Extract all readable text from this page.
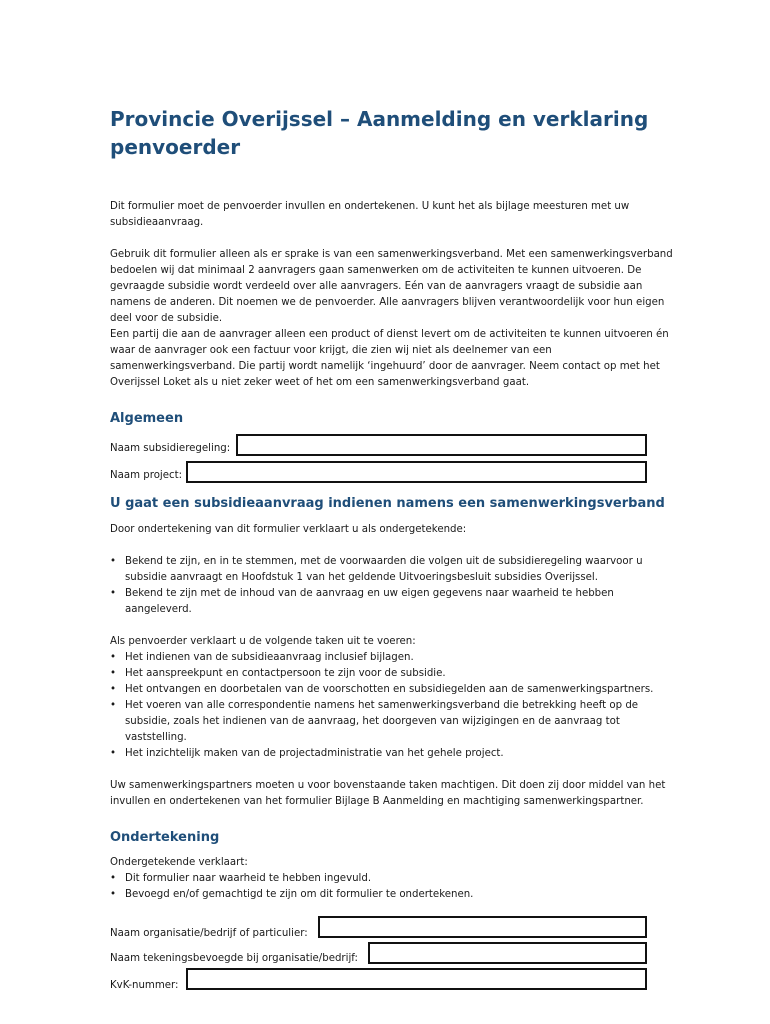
Provincie Overijssel – Aanmelding en verklaring penvoerder

Dit formulier moet de penvoerder invullen en ondertekenen. U kunt het als bijlage meesturen met uw subsidieaanvraag.

Gebruik dit formulier alleen als er sprake is van een samenwerkingsverband. Met een samenwerkingsverband bedoelen wij dat minimaal 2 aanvragers gaan samenwerken om de activiteiten te kunnen uitvoeren. De gevraagde subsidie wordt verdeeld over alle aanvragers. Eén van de aanvragers vraagt de subsidie aan namens de anderen. Dit noemen we de penvoerder. Alle aanvragers blijven verantwoordelijk voor hun eigen deel voor de subsidie.

Een partij die aan de aanvrager alleen een product of dienst levert om de activiteiten te kunnen uitvoeren én waar de aanvrager ook een factuur voor krijgt, die zien wij niet als deelnemer van een samenwerkingsverband. Die partij wordt namelijk ‘ingehuurd’ door de aanvrager. Neem contact op met het Overijssel Loket als u niet zeker weet of het om een samenwerkingsverband gaat.

Algemeen
Naam subsidieregeling:
Naam project:
U gaat een subsidieaanvraag indienen namens een samenwerkingsverband

Door ondertekening van dit formulier verklaart u als ondergetekende:

• Bekend te zijn, en in te stemmen, met de voorwaarden die volgen uit de subsidieregeling waarvoor u subsidie aanvraagt en Hoofdstuk 1 van het geldende Uitvoeringsbesluit subsidies Overijssel.
• Bekend te zijn met de inhoud van de aanvraag en uw eigen gegevens naar waarheid te hebben aangeleverd.

Als penvoerder verklaart u de volgende taken uit te voeren:

• Het indienen van de subsidieaanvraag inclusief bijlagen.
• Het aanspreekpunt en contactpersoon te zijn voor de subsidie.
• Het ontvangen en doorbetalen van de voorschotten en subsidiegelden aan de samenwerkingspartners.
• Het voeren van alle correspondentie namens het samenwerkingsverband die betrekking heeft op de subsidie, zoals het indienen van de aanvraag, het doorgeven van wijzigingen en de aanvraag tot vaststelling.
• Het inzichtelijk maken van de projectadministratie van het gehele project.

Uw samenwerkingspartners moeten u voor bovenstaande taken machtigen. Dit doen zij door middel van het invullen en ondertekenen van het formulier Bijlage B Aanmelding en machtiging samenwerkingspartner.

Ondertekening

Ondergetekende verklaart:

• Dit formulier naar waarheid te hebben ingevuld.
• Bevoegd en/of gemachtigd te zijn om dit formulier te ondertekenen.
Naam organisatie/bedrijf of particulier:
Naam tekeningsbevoegde bij organisatie/bedrijf:
KvK-nummer:
